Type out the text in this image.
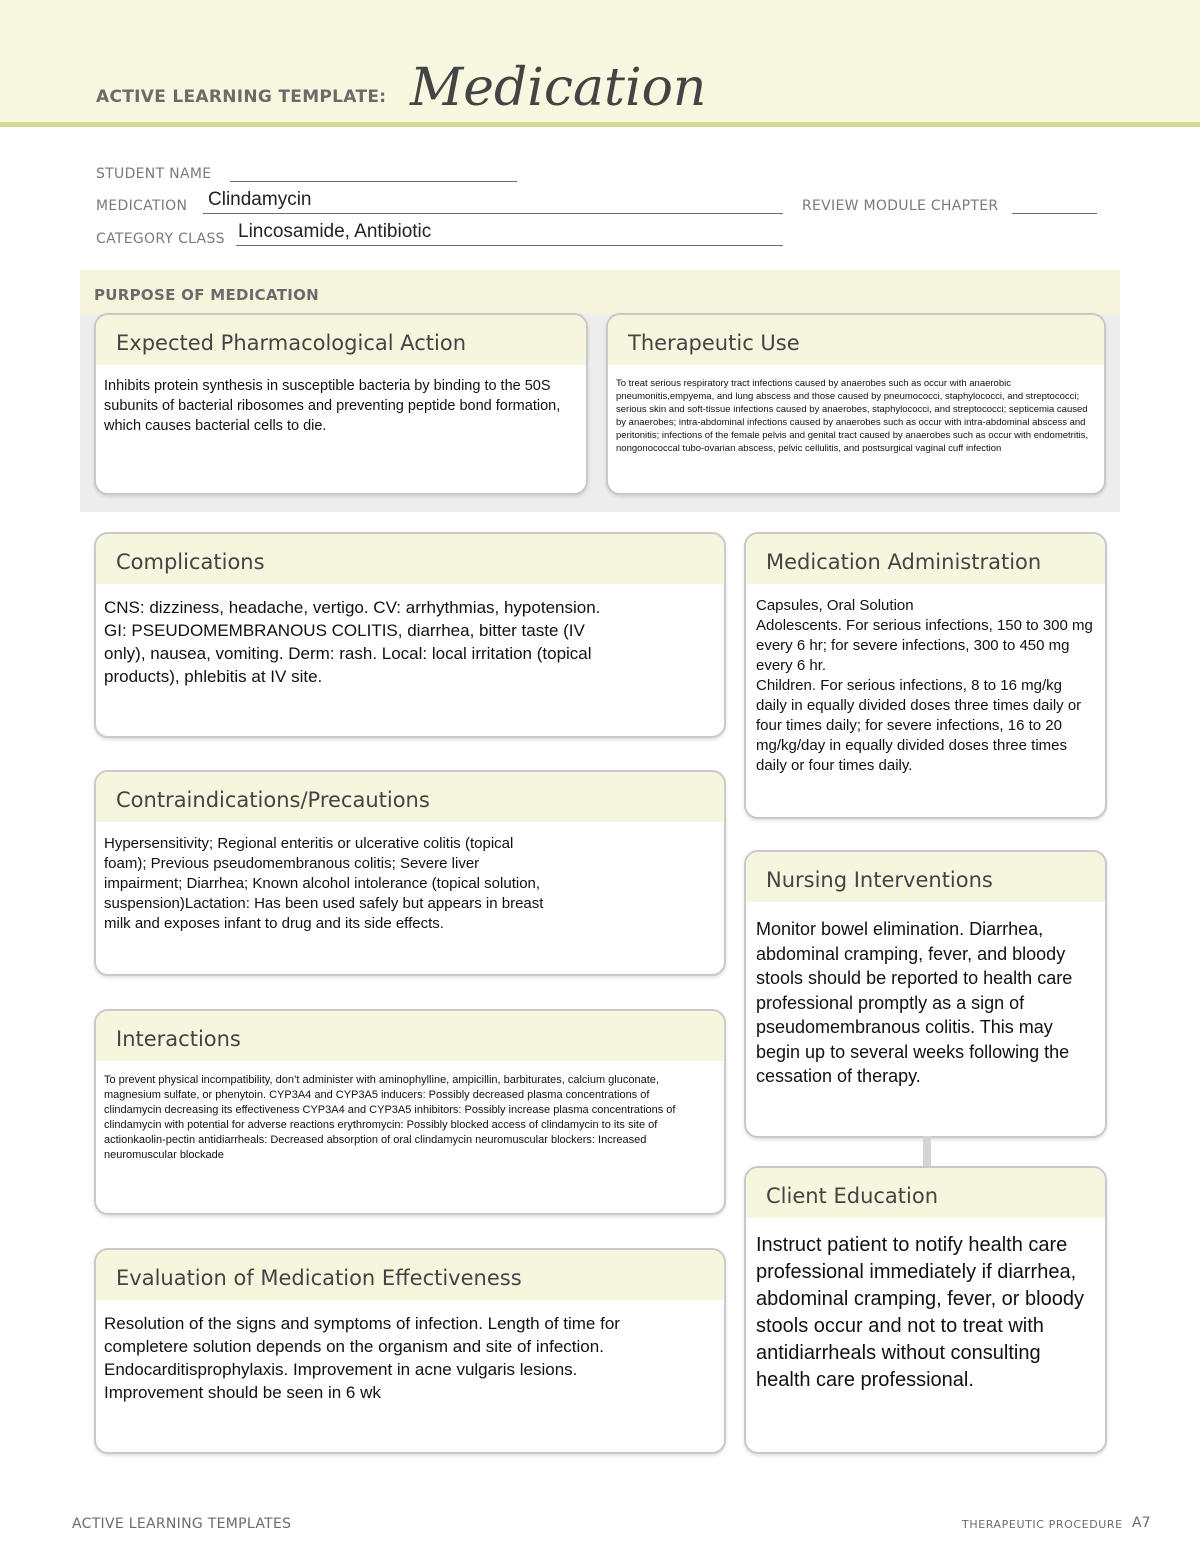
ACTIVE LEARNING TEMPLATE: Medication
STUDENT NAME
MEDICATION Clindamycin	REVIEW MODULE CHAPTER
CATEGORY CLASS Lincosamide, Antibiotic
PURPOSE OF MEDICATION
Expected Pharmacological Action
Inhibits protein synthesis in susceptible bacteria by binding to the 50S subunits of bacterial ribosomes and preventing peptide bond formation, which causes bacterial cells to die.
Therapeutic Use
To treat serious respiratory tract infections caused by anaerobes such as occur with anaerobic pneumonitis,empyema, and lung abscess and those caused by pneumococci, staphylococci, and streptococci; serious skin and soft-tissue infections caused by anaerobes, staphylococci, and streptococci; septicemia caused by anaerobes; intra-abdominal infections caused by anaerobes such as occur with intra-abdominal abscess and peritonitis; infections of the female pelvis and genital tract caused by anaerobes such as occur with endometritis, nongonococcal tubo-ovarian abscess, pelvic cellulitis, and postsurgical vaginal cuff infection
Complications
CNS: dizziness, headache, vertigo. CV: arrhythmias, hypotension. GI: PSEUDOMEMBRANOUS COLITIS, diarrhea, bitter taste (IV only), nausea, vomiting. Derm: rash. Local: local irritation (topical products), phlebitis at IV site.
Medication Administration
Capsules, Oral Solution
Adolescents. For serious infections, 150 to 300 mg every 6 hr; for severe infections, 300 to 450 mg every 6 hr.
Children. For serious infections, 8 to 16 mg/kg daily in equally divided doses three times daily or four times daily; for severe infections, 16 to 20 mg/kg/day in equally divided doses three times daily or four times daily.
Contraindications/Precautions
Hypersensitivity; Regional enteritis or ulcerative colitis (topical foam); Previous pseudomembranous colitis; Severe liver impairment; Diarrhea; Known alcohol intolerance (topical solution, suspension)Lactation: Has been used safely but appears in breast milk and exposes infant to drug and its side effects.
Nursing Interventions
Monitor bowel elimination. Diarrhea, abdominal cramping, fever, and bloody stools should be reported to health care professional promptly as a sign of pseudomembranous colitis. This may begin up to several weeks following the cessation of therapy.
Interactions
To prevent physical incompatibility, don’t administer with aminophylline, ampicillin, barbiturates, calcium gluconate, magnesium sulfate, or phenytoin. CYP3A4 and CYP3A5 inducers: Possibly decreased plasma concentrations of clindamycin decreasing its effectiveness CYP3A4 and CYP3A5 inhibitors: Possibly increase plasma concentrations of clindamycin with potential for adverse reactions erythromycin: Possibly blocked access of clindamycin to its site of actionkaolin-pectin antidiarrheals: Decreased absorption of oral clindamycin neuromuscular blockers: Increased neuromuscular blockade
Client Education
Instruct patient to notify health care professional immediately if diarrhea, abdominal cramping, fever, or bloody stools occur and not to treat with antidiarrheals without consulting health care professional.
Evaluation of Medication Effectiveness
Resolution of the signs and symptoms of infection. Length of time for completere solution depends on the organism and site of infection. Endocarditisprophylaxis. Improvement in acne vulgaris lesions. Improvement should be seen in 6 wk
ACTIVE LEARNING TEMPLATES	THERAPEUTIC PROCEDURE A7
